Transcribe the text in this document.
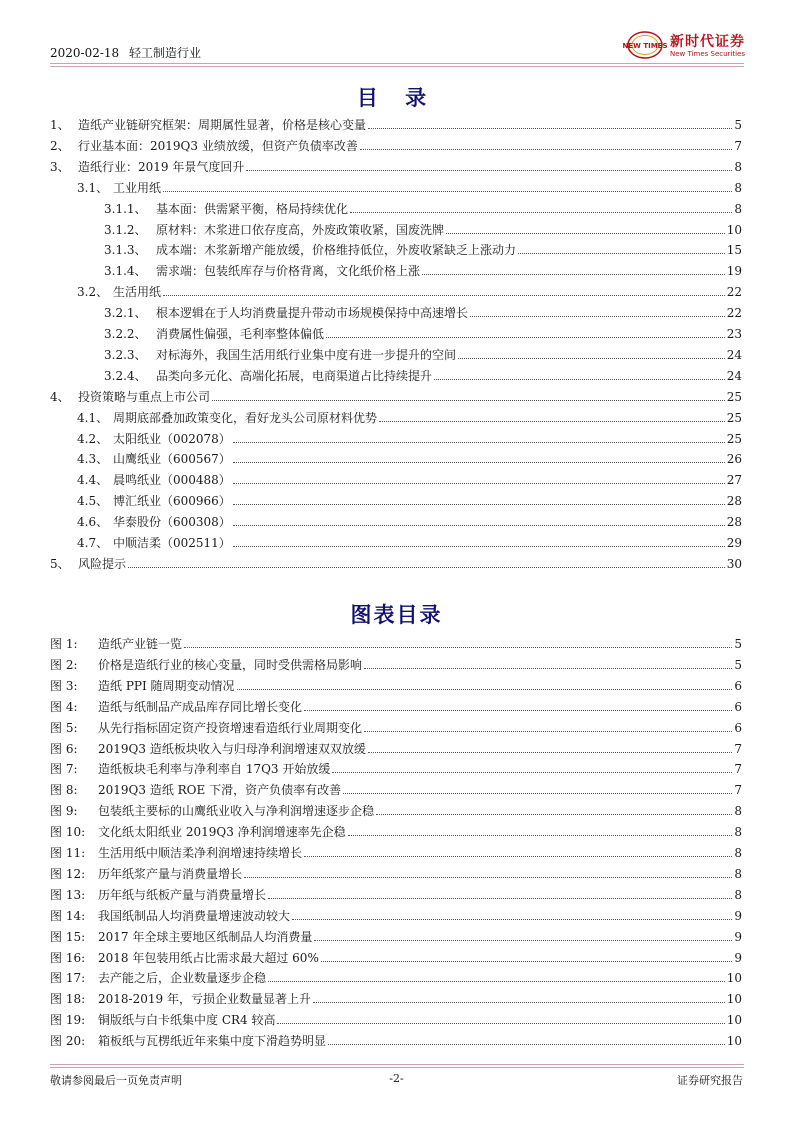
2020-02-18 轻工制造行业	NEW TIMES 新时代证券
New Times Securities
目 录
1、 造纸产业链研究框架：周期属性显著，价格是核心变量	5
2、 行业基本面：2019Q3 业绩放缓，但资产负债率改善	7
3、 造纸行业：2019 年景气度回升	8
3.1、 工业用纸	8
3.1.1、 基本面：供需紧平衡，格局持续优化	8
3.1.2、 原材料：木浆进口依存度高，外废政策收紧，国废洗牌	10
3.1.3、 成本端：木浆新增产能放缓，价格维持低位，外废收紧缺乏上涨动力	15
3.1.4、 需求端：包装纸库存与价格背离，文化纸价格上涨	19
3.2、 生活用纸	22
3.2.1、 根本逻辑在于人均消费量提升带动市场规模保持中高速增长	22
3.2.2、 消费属性偏强，毛利率整体偏低	23
3.2.3、 对标海外，我国生活用纸行业集中度有进一步提升的空间	24
3.2.4、 品类向多元化、高端化拓展，电商渠道占比持续提升	24
4、 投资策略与重点上市公司	25
4.1、 周期底部叠加政策变化，看好龙头公司原材料优势	25
4.2、 太阳纸业（002078）	25
4.3、 山鹰纸业（600567）	26
4.4、 晨鸣纸业（000488）	27
4.5、 博汇纸业（600966）	28
4.6、 华泰股份（600308）	28
4.7、 中顺洁柔（002511）	29
5、 风险提示	30
图表目录
图 1:	造纸产业链一览	5
图 2:	价格是造纸行业的核心变量，同时受供需格局影响	5
图 3:	造纸 PPI 随周期变动情况	6
图 4:	造纸与纸制品产成品库存同比增长变化	6
图 5:	从先行指标固定资产投资增速看造纸行业周期变化	6
图 6:	2019Q3 造纸板块收入与归母净利润增速双双放缓	7
图 7:	造纸板块毛利率与净利率自 17Q3 开始放缓	7
图 8:	2019Q3 造纸 ROE 下滑，资产负债率有改善	7
图 9:	包装纸主要标的山鹰纸业收入与净利润增速逐步企稳	8
图 10:	文化纸太阳纸业 2019Q3 净利润增速率先企稳	8
图 11:	生活用纸中顺洁柔净利润增速持续增长	8
图 12:	历年纸浆产量与消费量增长	8
图 13:	历年纸与纸板产量与消费量增长	8
图 14:	我国纸制品人均消费量增速波动较大	9
图 15:	2017 年全球主要地区纸制品人均消费量	9
图 16:	2018 年包装用纸占比需求最大超过 60%	9
图 17:	去产能之后，企业数量逐步企稳	10
图 18:	2018-2019 年，亏损企业数量显著上升	10
图 19:	铜版纸与白卡纸集中度 CR4 较高	10
图 20:	箱板纸与瓦楞纸近年来集中度下滑趋势明显	10
敬请参阅最后一页免责声明	-2-	证券研究报告
